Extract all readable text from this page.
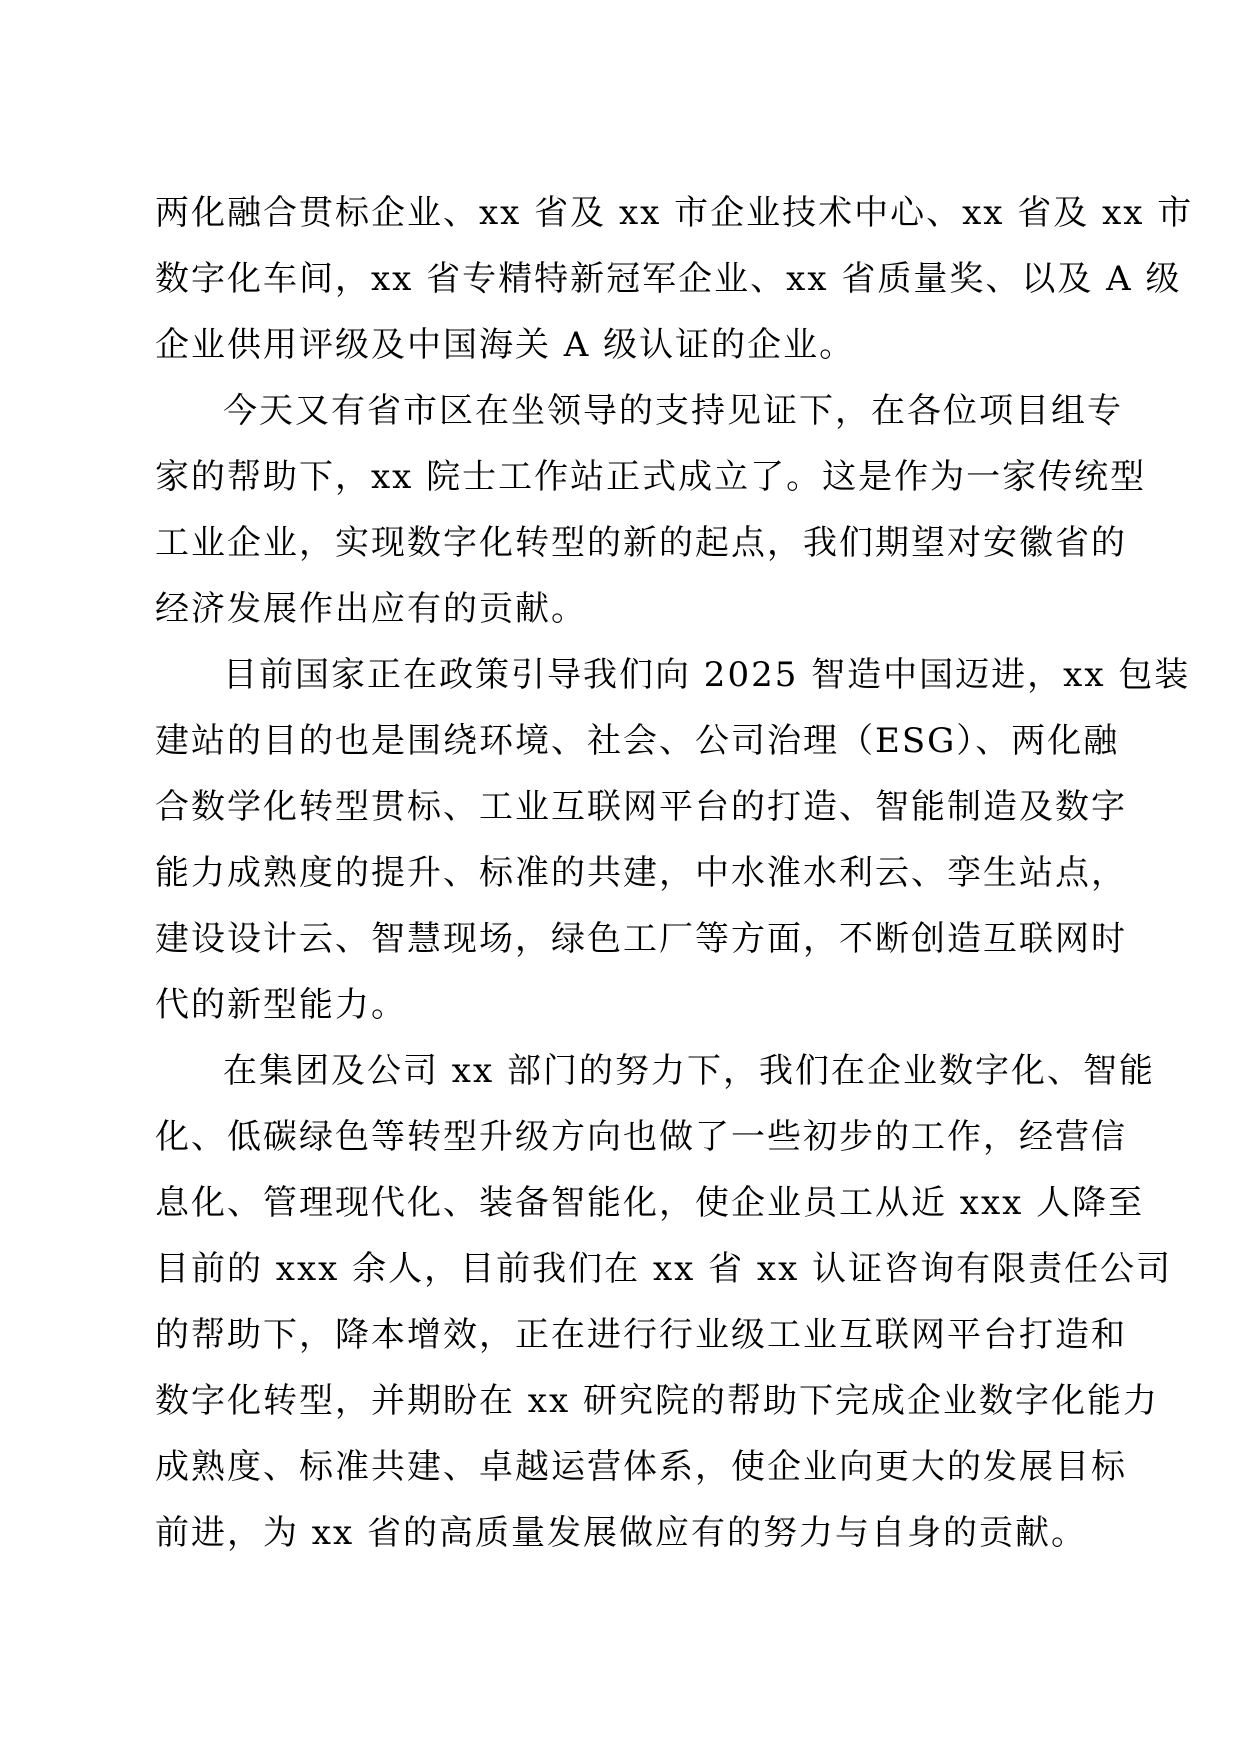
两化融合贯标企业、xx 省及 xx 市企业技术中心、xx 省及 xx 市
数字化车间，xx 省专精特新冠军企业、xx 省质量奖、以及 A 级
企业供用评级及中国海关 A 级认证的企业。

今天又有省市区在坐领导的支持见证下，在各位项目组专
家的帮助下，xx 院士工作站正式成立了。这是作为一家传统型
工业企业，实现数字化转型的新的起点，我们期望对安徽省的
经济发展作出应有的贡献。

目前国家正在政策引导我们向 2025 智造中国迈进，xx 包装
建站的目的也是围绕环境、社会、公司治理（ESG）、两化融
合数学化转型贯标、工业互联网平台的打造、智能制造及数字
能力成熟度的提升、标准的共建，中水淮水利云、孪生站点，
建设设计云、智慧现场，绿色工厂等方面，不断创造互联网时
代的新型能力。

在集团及公司 xx 部门的努力下，我们在企业数字化、智能
化、低碳绿色等转型升级方向也做了一些初步的工作，经营信
息化、管理现代化、装备智能化，使企业员工从近 xxx 人降至
目前的 xxx 余人，目前我们在 xx 省 xx 认证咨询有限责任公司
的帮助下，降本增效，正在进行行业级工业互联网平台打造和
数字化转型，并期盼在 xx 研究院的帮助下完成企业数字化能力
成熟度、标准共建、卓越运营体系，使企业向更大的发展目标
前进，为 xx 省的高质量发展做应有的努力与自身的贡献。
